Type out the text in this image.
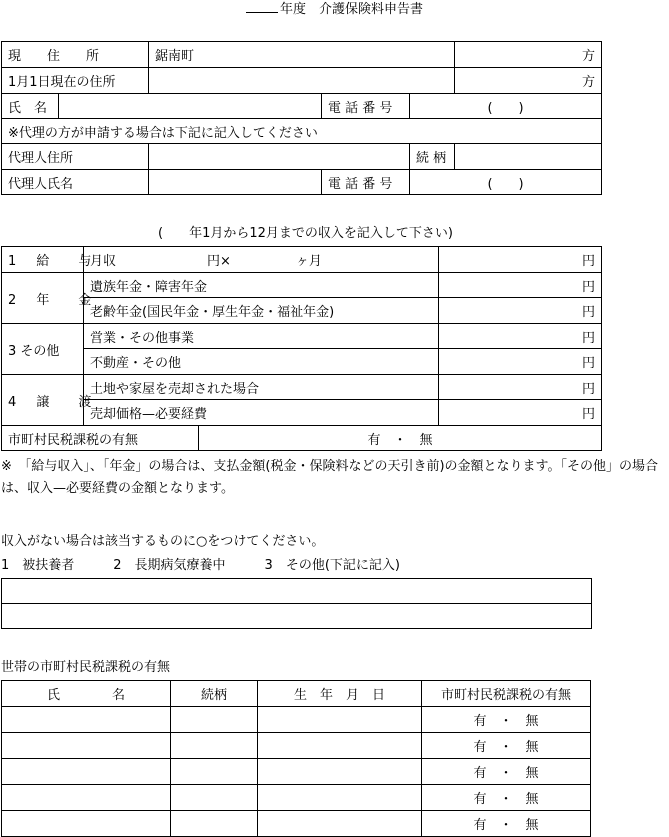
年度　介護保険料申告書
現　　住　　所		鋸南町			方
1月1日現在の住所					方
氏　名			電 話 番 号	(　　)	
※代理の方が申請する場合は下記に記入してください					
代理人住所				続 柄	
代理人氏名			電 話 番 号	(　　)	
(　　年1月から12月までの収入を記入して下さい)
1 給　与	月収　　　　　　　円×　　　　　ヶ月		円
2 年　金	遺族年金・障害年金		円
	老齢年金(国民年金・厚生年金・福祉年金)		円
3 その他	営業・その他事業		円
	不動産・その他		円
4 譲　渡	土地や家屋を売却された場合		円
	売却価格—必要経費		円
市町村民税課税の有無		有　・　無	
※　「給与収入」、「年金」の場合は、支払金額(税金・保険料などの天引き前)の金額となります。「その他」の場合は、収入—必要経費の金額となります。
収入がない場合は該当するものに○をつけてください。
1　被扶養者　　　2　長期病気療養中　　　3　その他(下記に記入)

世帯の市町村民税課税の有無
氏　　　　名	続柄	生　年　月　日	市町村民税課税の有無
			有　・　無
			有　・　無
			有　・　無
			有　・　無
			有　・　無
